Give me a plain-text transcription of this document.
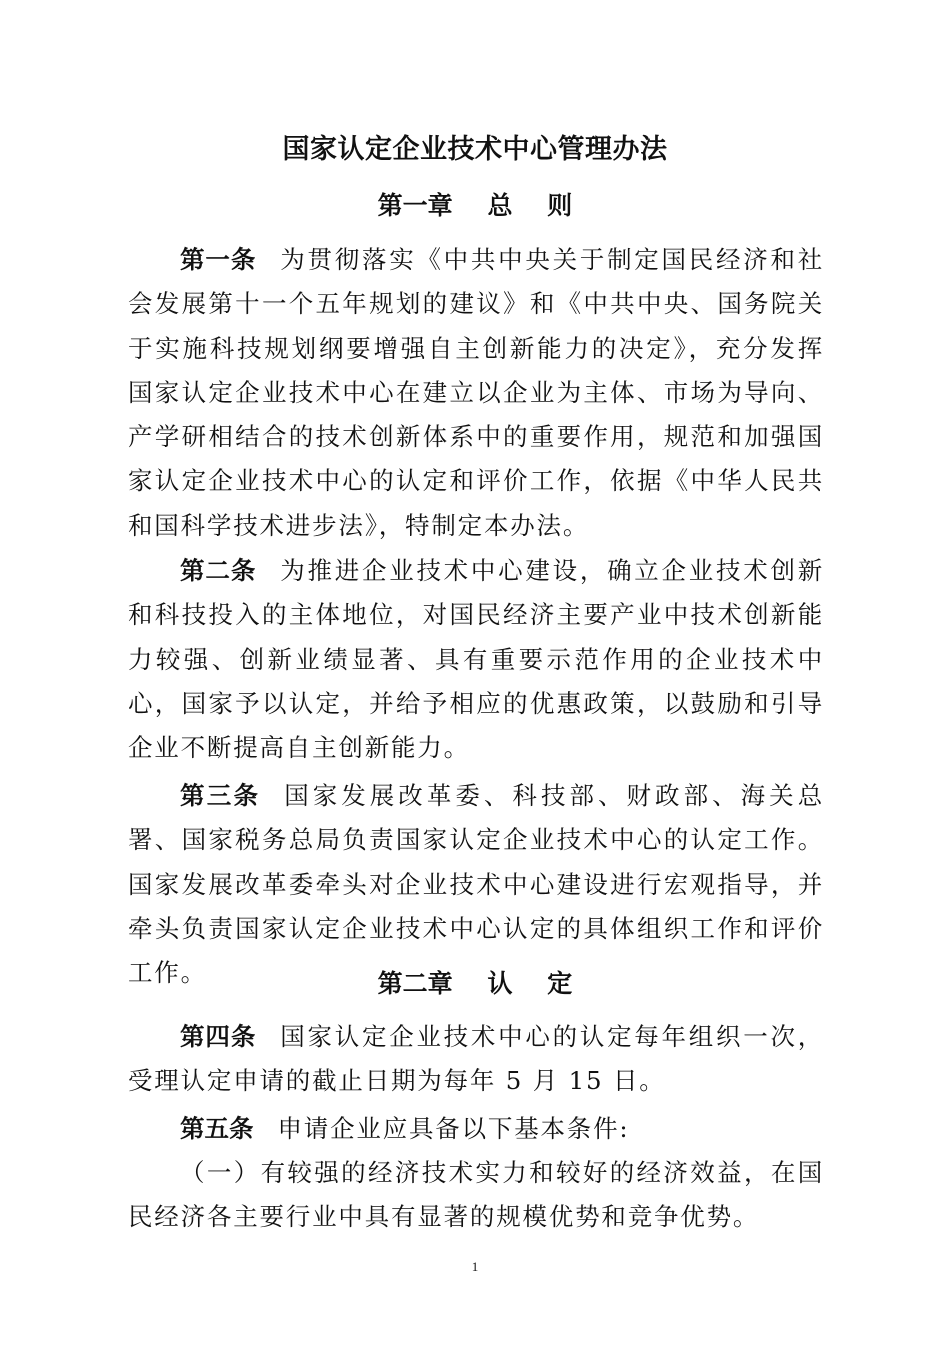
国家认定企业技术中心管理办法
第一章    总    则
第一条 为贯彻落实《中共中央关于制定国民经济和社会发展第十一个五年规划的建议》和《中共中央、国务院关于实施科技规划纲要增强自主创新能力的决定》，充分发挥国家认定企业技术中心在建立以企业为主体、市场为导向、产学研相结合的技术创新体系中的重要作用，规范和加强国家认定企业技术中心的认定和评价工作，依据《中华人民共和国科学技术进步法》，特制定本办法。
第二条 为推进企业技术中心建设，确立企业技术创新和科技投入的主体地位，对国民经济主要产业中技术创新能力较强、创新业绩显著、具有重要示范作用的企业技术中心，国家予以认定，并给予相应的优惠政策，以鼓励和引导企业不断提高自主创新能力。
第三条 国家发展改革委、科技部、财政部、海关总署、国家税务总局负责国家认定企业技术中心的认定工作。国家发展改革委牵头对企业技术中心建设进行宏观指导，并牵头负责国家认定企业技术中心认定的具体组织工作和评价工作。	第二章    认    定
第四条 国家认定企业技术中心的认定每年组织一次，受理认定申请的截止日期为每年 5 月 15 日。
第五条 申请企业应具备以下基本条件:
（一）有较强的经济技术实力和较好的经济效益，在国民经济各主要行业中具有显著的规模优势和竞争优势。
1
